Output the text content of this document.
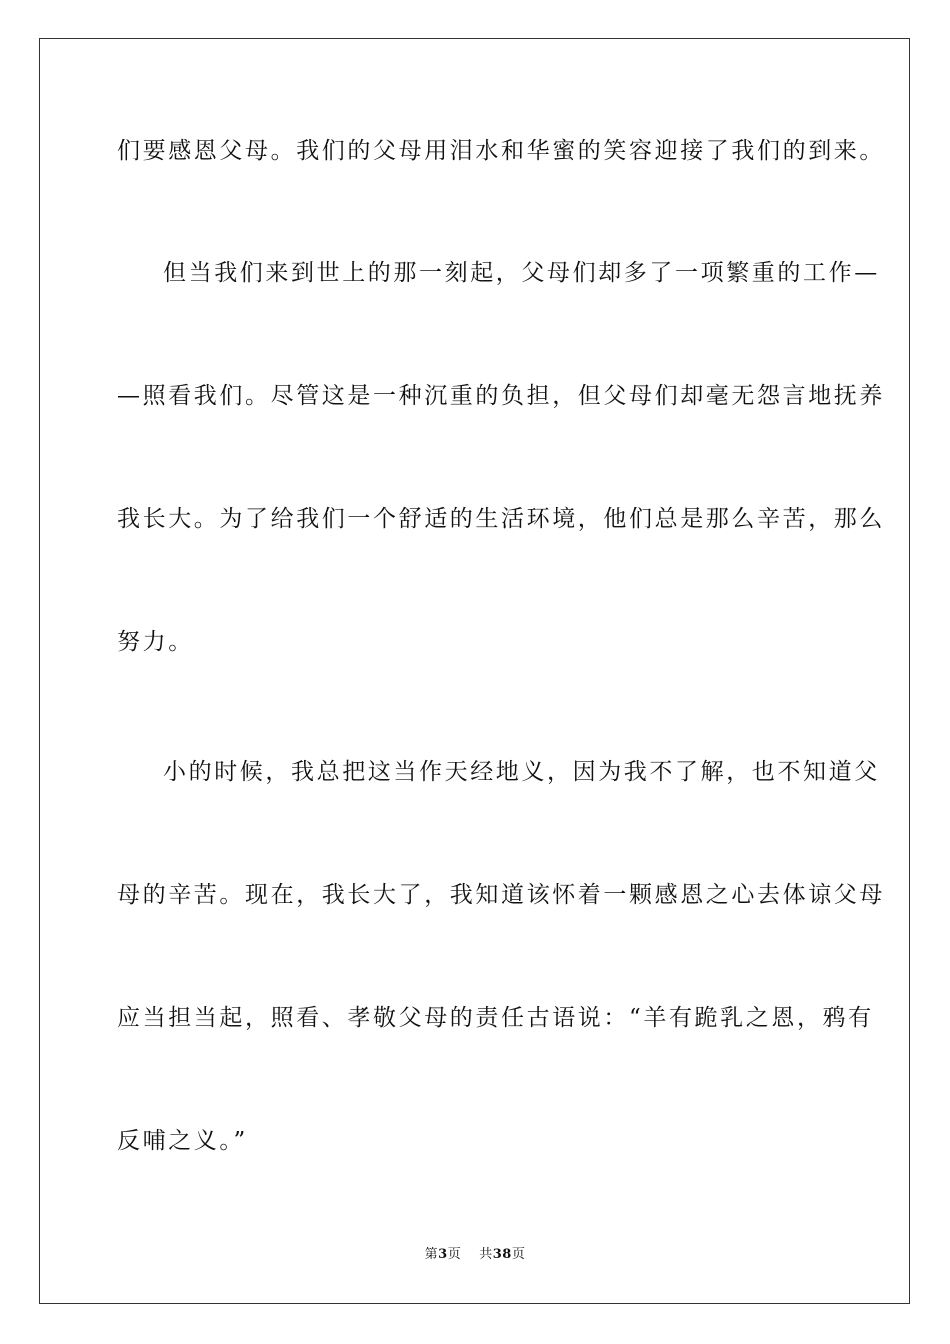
们要感恩父母。我们的父母用泪水和华蜜的笑容迎接了我们的到来。
但当我们来到世上的那一刻起，父母们却多了一项繁重的工作—
—照看我们。尽管这是一种沉重的负担，但父母们却毫无怨言地抚养
我长大。为了给我们一个舒适的生活环境，他们总是那么辛苦，那么
努力。
小的时候，我总把这当作天经地义，因为我不了解，也不知道父
母的辛苦。现在，我长大了，我知道该怀着一颗感恩之心去体谅父母
应当担当起，照看、孝敬父母的责任古语说：“羊有跪乳之恩，鸦有
反哺之义。”
第3页 共38页
